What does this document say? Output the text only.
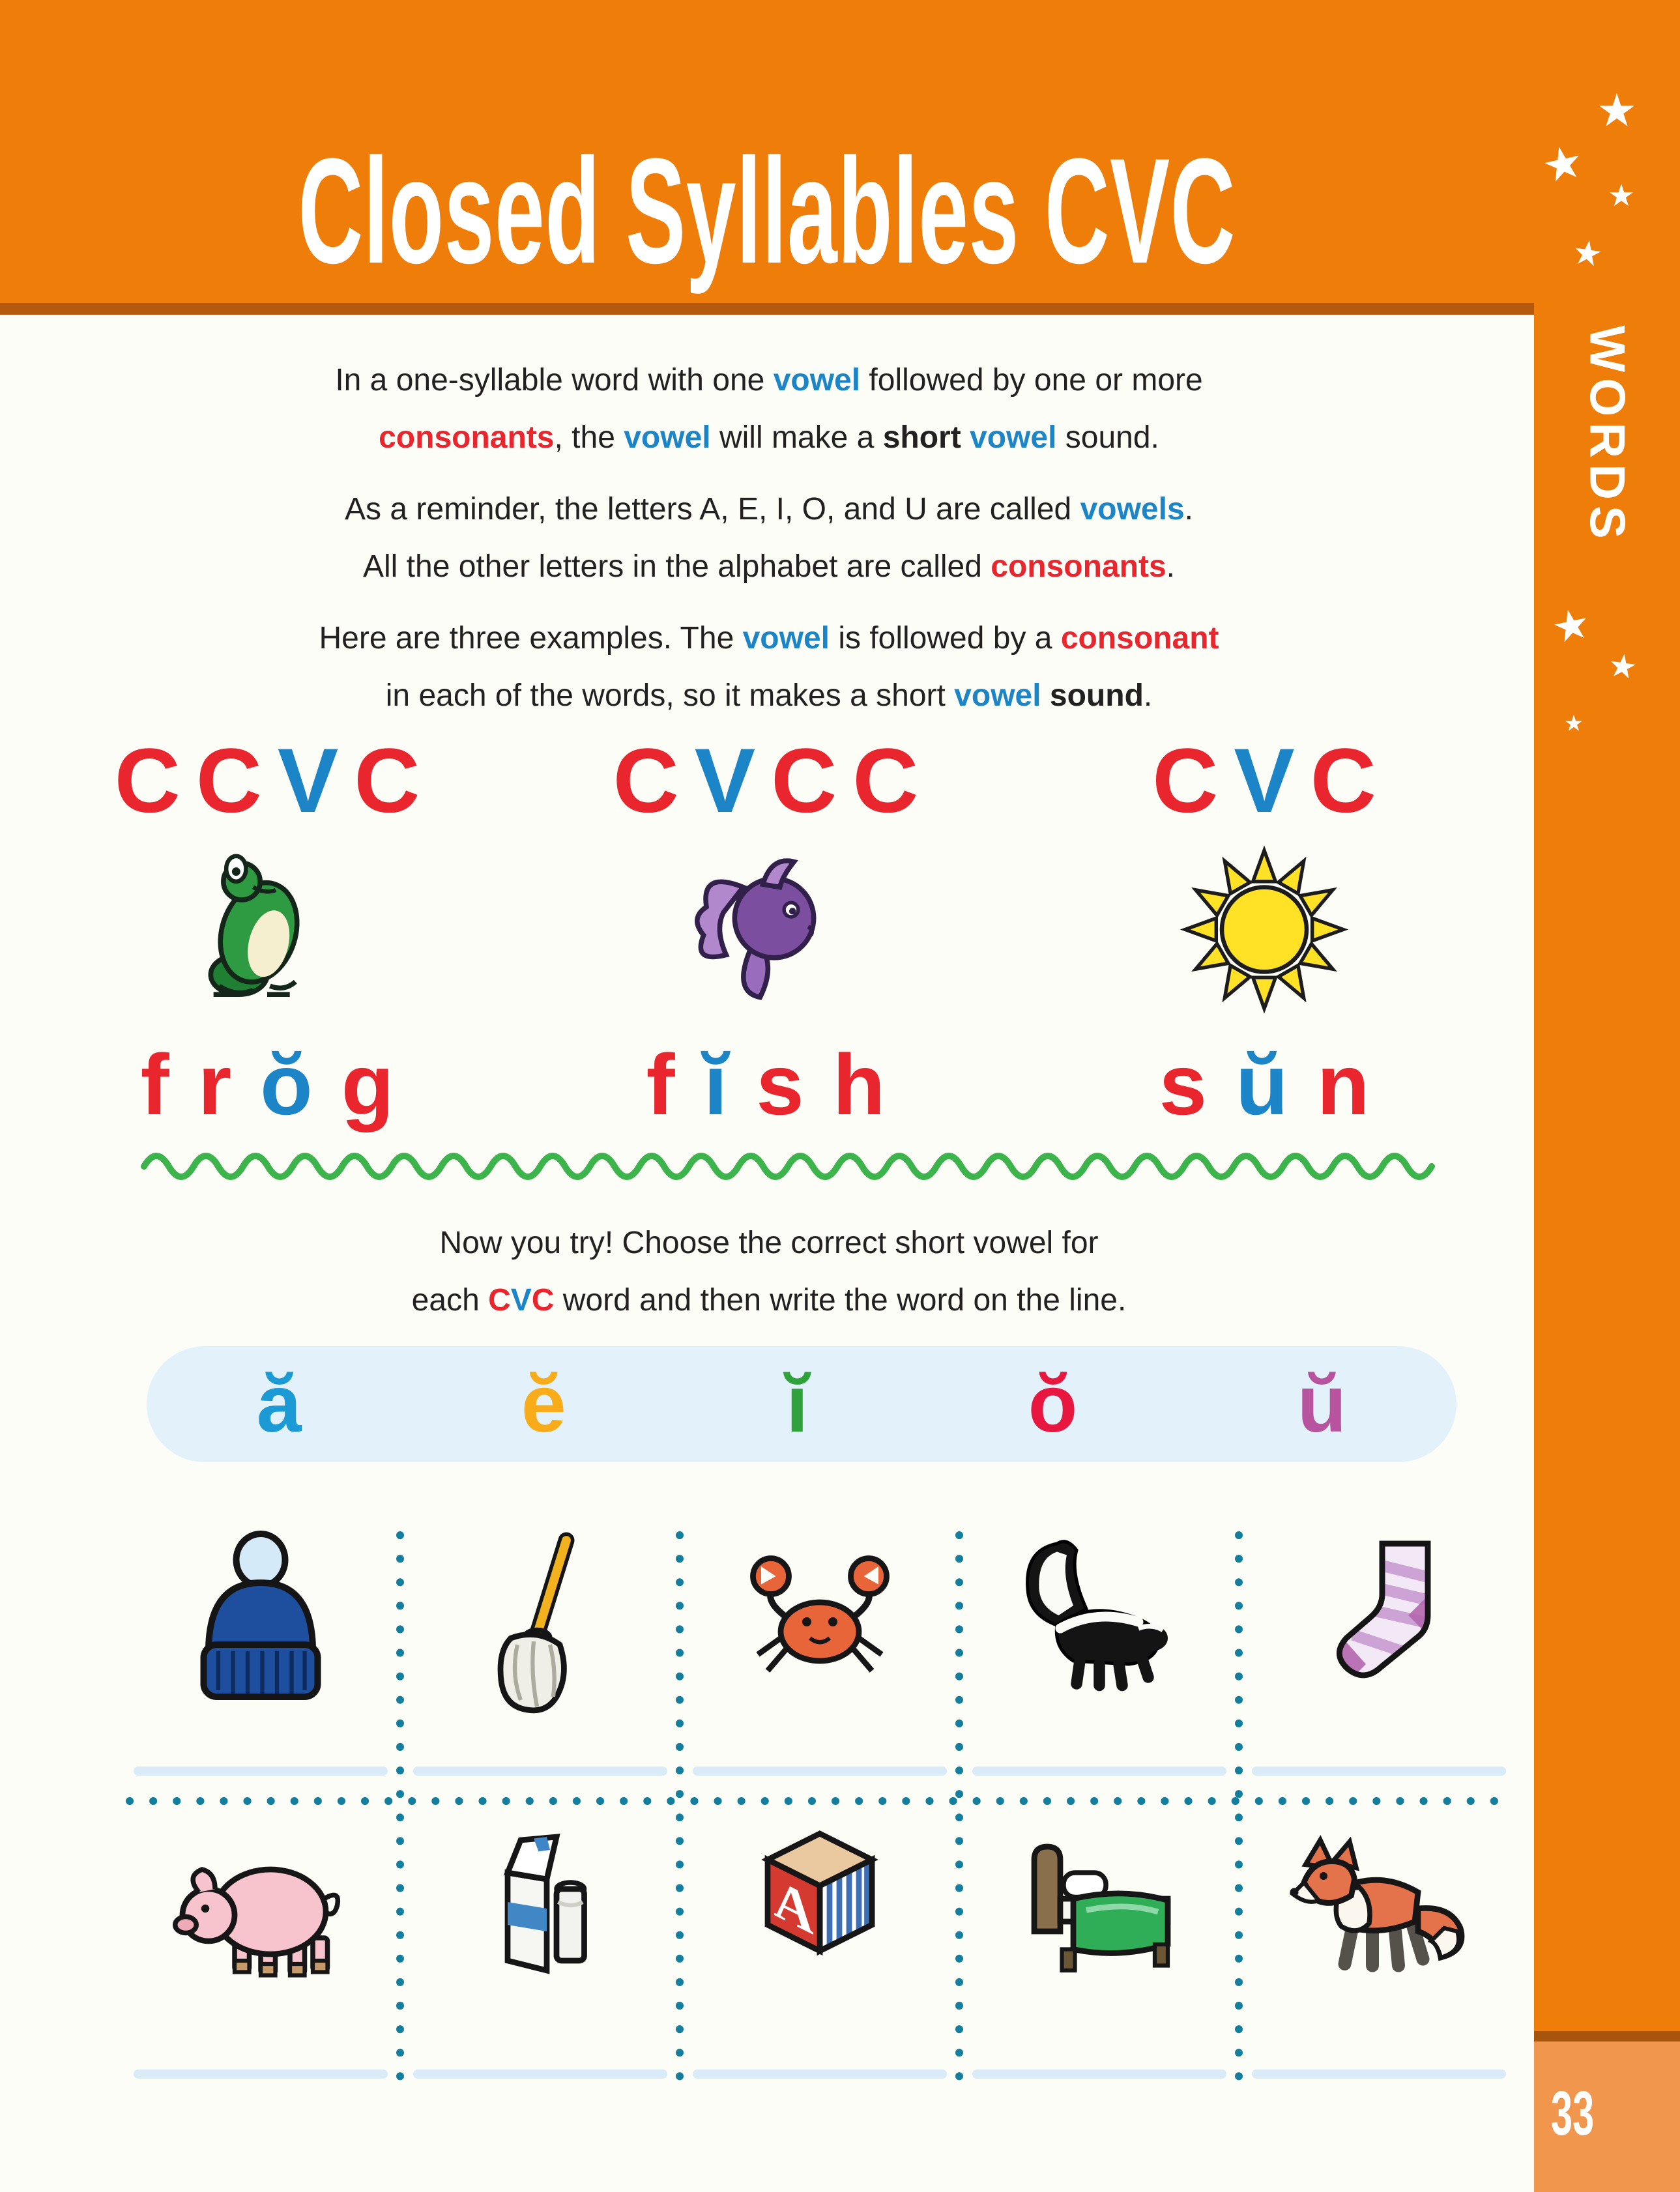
Closed Syllables CVC
33
WORDS
★
★
★
★
★
★
★
In a one-syllable word with one vowel followed by one or more
consonants, the vowel will make a short vowel sound.
As a reminder, the letters A, E, I, O, and U are called vowels.
All the other letters in the alphabet are called consonants.
Here are three examples. The vowel is followed by a consonant
in each of the words, so it makes a short vowel sound.
C C V C
f r ŏ g
C V C C
f ĭ s h
C V C
s ŭ n
Now you try! Choose the correct short vowel for
each CVC word and then write the word on the line.
ă	ĕ	ĭ	ŏ	ŭ
A
